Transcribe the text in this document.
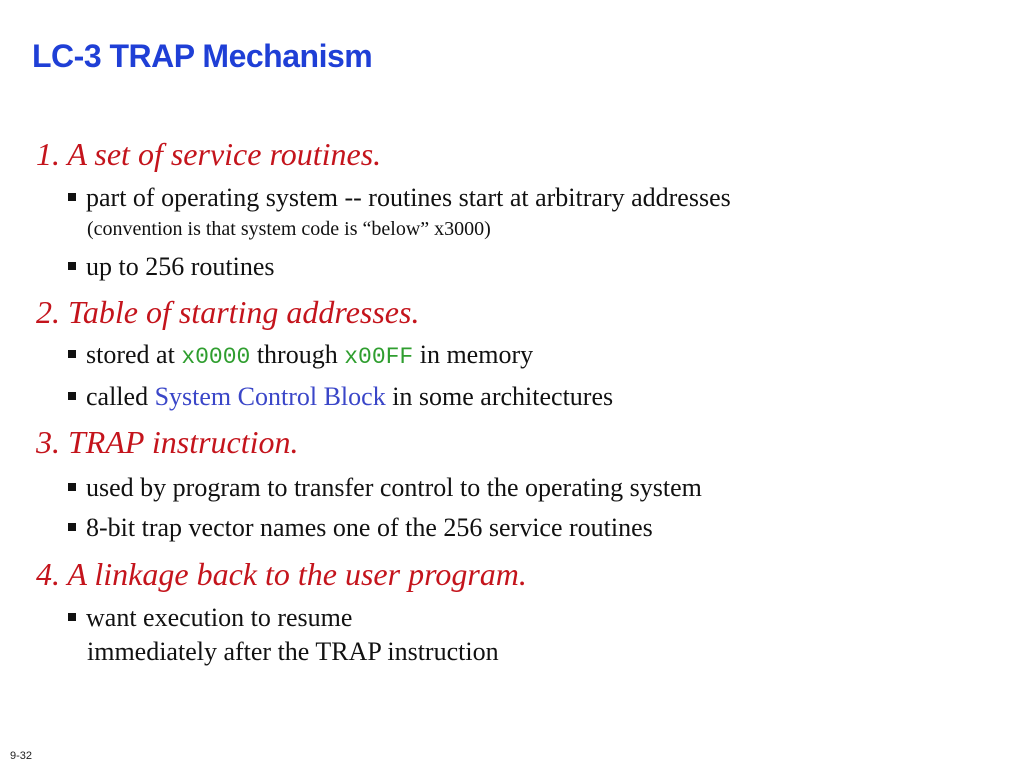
LC-3 TRAP Mechanism

1. A set of service routines.

part of operating system -- routines start at arbitrary addresses

(convention is that system code is “below” x3000)

up to 256 routines

2. Table of starting addresses.

stored at x0000 through x00FF in memory

called System Control Block in some architectures

3. TRAP instruction.

used by program to transfer control to the operating system

8-bit trap vector names one of the 256 service routines

4. A linkage back to the user program.

want execution to resume

immediately after the TRAP instruction

9-32
